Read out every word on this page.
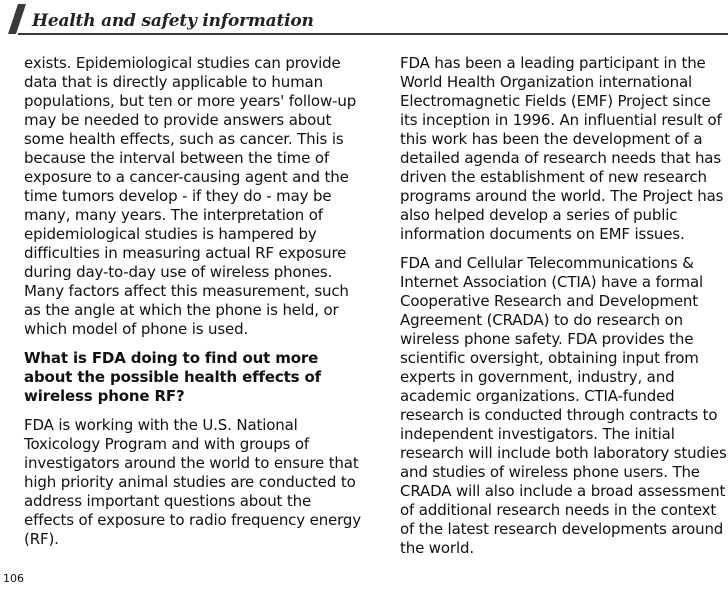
Health and safety information

exists. Epidemiological studies can provide data that is directly applicable to human populations, but ten or more years' follow-up may be needed to provide answers about some health effects, such as cancer. This is because the interval between the time of exposure to a cancer-causing agent and the time tumors develop - if they do - may be many, many years. The interpretation of epidemiological studies is hampered by difficulties in measuring actual RF exposure during day-to-day use of wireless phones. Many factors affect this measurement, such as the angle at which the phone is held, or which model of phone is used.

What is FDA doing to find out more about the possible health effects of wireless phone RF?

FDA is working with the U.S. National Toxicology Program and with groups of investigators around the world to ensure that high priority animal studies are conducted to address important questions about the effects of exposure to radio frequency energy (RF).

FDA has been a leading participant in the World Health Organization international Electromagnetic Fields (EMF) Project since its inception in 1996. An influential result of this work has been the development of a detailed agenda of research needs that has driven the establishment of new research programs around the world. The Project has also helped develop a series of public information documents on EMF issues.

FDA and Cellular Telecommunications & Internet Association (CTIA) have a formal Cooperative Research and Development Agreement (CRADA) to do research on wireless phone safety. FDA provides the scientific oversight, obtaining input from experts in government, industry, and academic organizations. CTIA-funded research is conducted through contracts to independent investigators. The initial research will include both laboratory studies and studies of wireless phone users. The CRADA will also include a broad assessment of additional research needs in the context of the latest research developments around the world.

106
